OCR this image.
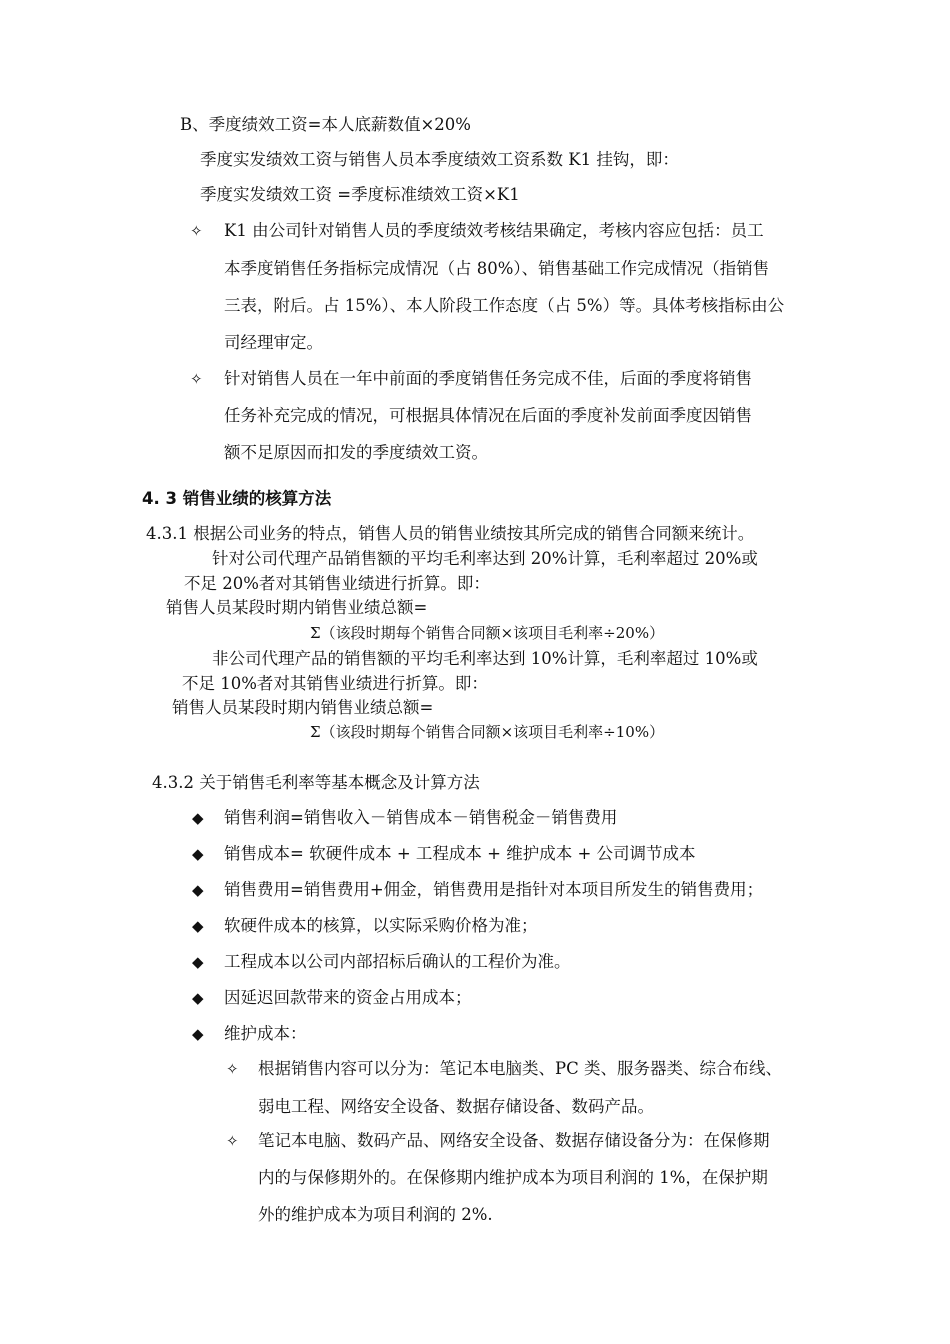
B、季度绩效工资=本人底薪数值×20%
季度实发绩效工资与销售人员本季度绩效工资系数 K1 挂钩，即：
季度实发绩效工资 =季度标准绩效工资×K1
✧ K1 由公司针对销售人员的季度绩效考核结果确定，考核内容应包括：员工
本季度销售任务指标完成情况（占 80%）、销售基础工作完成情况（指销售
三表，附后。占 15%）、本人阶段工作态度（占 5%）等。具体考核指标由公
司经理审定。
✧ 针对销售人员在一年中前面的季度销售任务完成不佳，后面的季度将销售
任务补充完成的情况，可根据具体情况在后面的季度补发前面季度因销售
额不足原因而扣发的季度绩效工资。
4. 3 销售业绩的核算方法
4.3.1 根据公司业务的特点，销售人员的销售业绩按其所完成的销售合同额来统计。
针对公司代理产品销售额的平均毛利率达到 20%计算，毛利率超过 20%或
不足 20%者对其销售业绩进行折算。即：
销售人员某段时期内销售业绩总额=
Σ（该段时期每个销售合同额×该项目毛利率÷20%）
非公司代理产品的销售额的平均毛利率达到 10%计算，毛利率超过 10%或
不足 10%者对其销售业绩进行折算。即：
销售人员某段时期内销售业绩总额=
Σ（该段时期每个销售合同额×该项目毛利率÷10%）
4.3.2 关于销售毛利率等基本概念及计算方法
◆ 销售利润=销售收入－销售成本－销售税金－销售费用
◆ 销售成本= 软硬件成本 + 工程成本 + 维护成本 + 公司调节成本
◆ 销售费用=销售费用+佣金，销售费用是指针对本项目所发生的销售费用；
◆ 软硬件成本的核算，以实际采购价格为准；
◆ 工程成本以公司内部招标后确认的工程价为准。
◆ 因延迟回款带来的资金占用成本；
◆ 维护成本：
✧ 根据销售内容可以分为：笔记本电脑类、PC 类、服务器类、综合布线、
弱电工程、网络安全设备、数据存储设备、数码产品。
✧ 笔记本电脑、数码产品、网络安全设备、数据存储设备分为：在保修期
内的与保修期外的。在保修期内维护成本为项目利润的 1%，在保护期
外的维护成本为项目利润的 2%.
